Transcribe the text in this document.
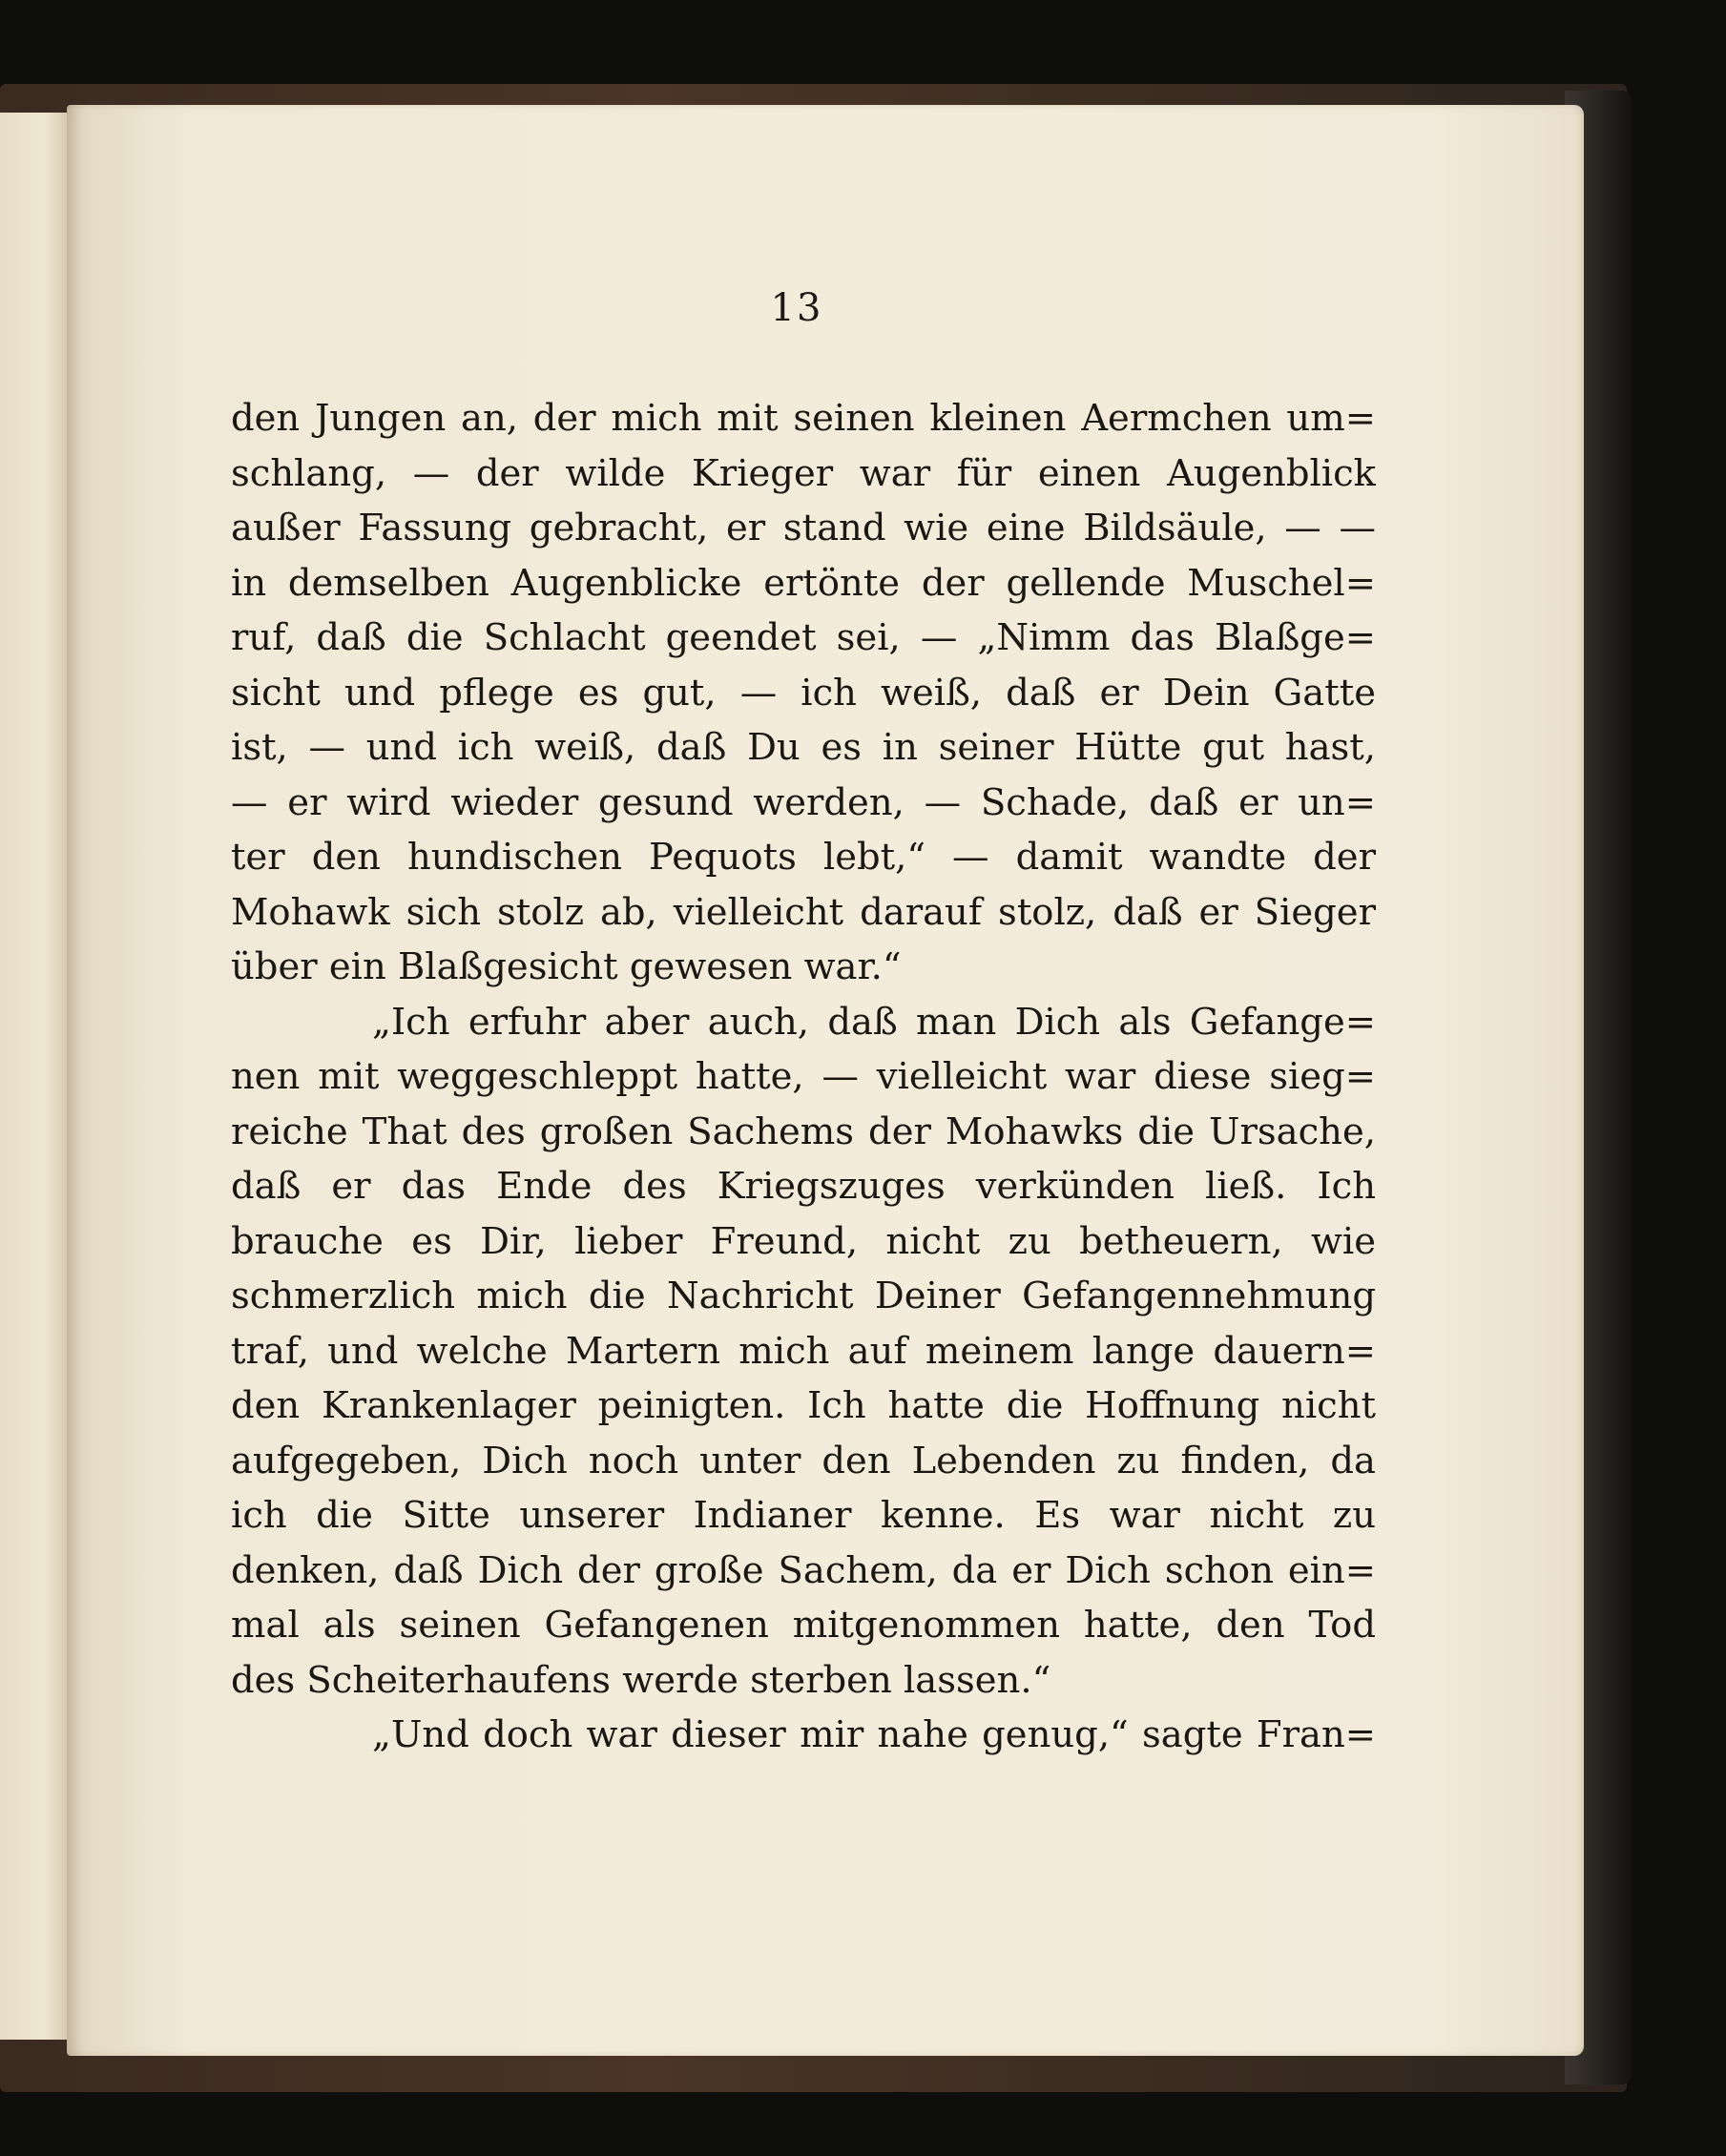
13
den Jungen an, der mich mit seinen kleinen Aermchen um=
schlang, — der wilde Krieger war für einen Augenblick
außer Fassung gebracht, er stand wie eine Bildsäule, — —
in demselben Augenblicke ertönte der gellende Muschel=
ruf, daß die Schlacht geendet sei, — „Nimm das Blaßge=
sicht und pflege es gut, — ich weiß, daß er Dein Gatte
ist, — und ich weiß, daß Du es in seiner Hütte gut hast,
— er wird wieder gesund werden, — Schade, daß er un=
ter den hundischen Pequots lebt,“ — damit wandte der
Mohawk sich stolz ab, vielleicht darauf stolz, daß er Sieger
über ein Blaßgesicht gewesen war.“
„Ich erfuhr aber auch, daß man Dich als Gefange=
nen mit weggeschleppt hatte, — vielleicht war diese sieg=
reiche That des großen Sachems der Mohawks die Ursache,
daß er das Ende des Kriegszuges verkünden ließ. Ich
brauche es Dir, lieber Freund, nicht zu betheuern, wie
schmerzlich mich die Nachricht Deiner Gefangennehmung
traf, und welche Martern mich auf meinem lange dauern=
den Krankenlager peinigten. Ich hatte die Hoffnung nicht
aufgegeben, Dich noch unter den Lebenden zu finden, da
ich die Sitte unserer Indianer kenne. Es war nicht zu
denken, daß Dich der große Sachem, da er Dich schon ein=
mal als seinen Gefangenen mitgenommen hatte, den Tod
des Scheiterhaufens werde sterben lassen.“
„Und doch war dieser mir nahe genug,“ sagte Fran=
